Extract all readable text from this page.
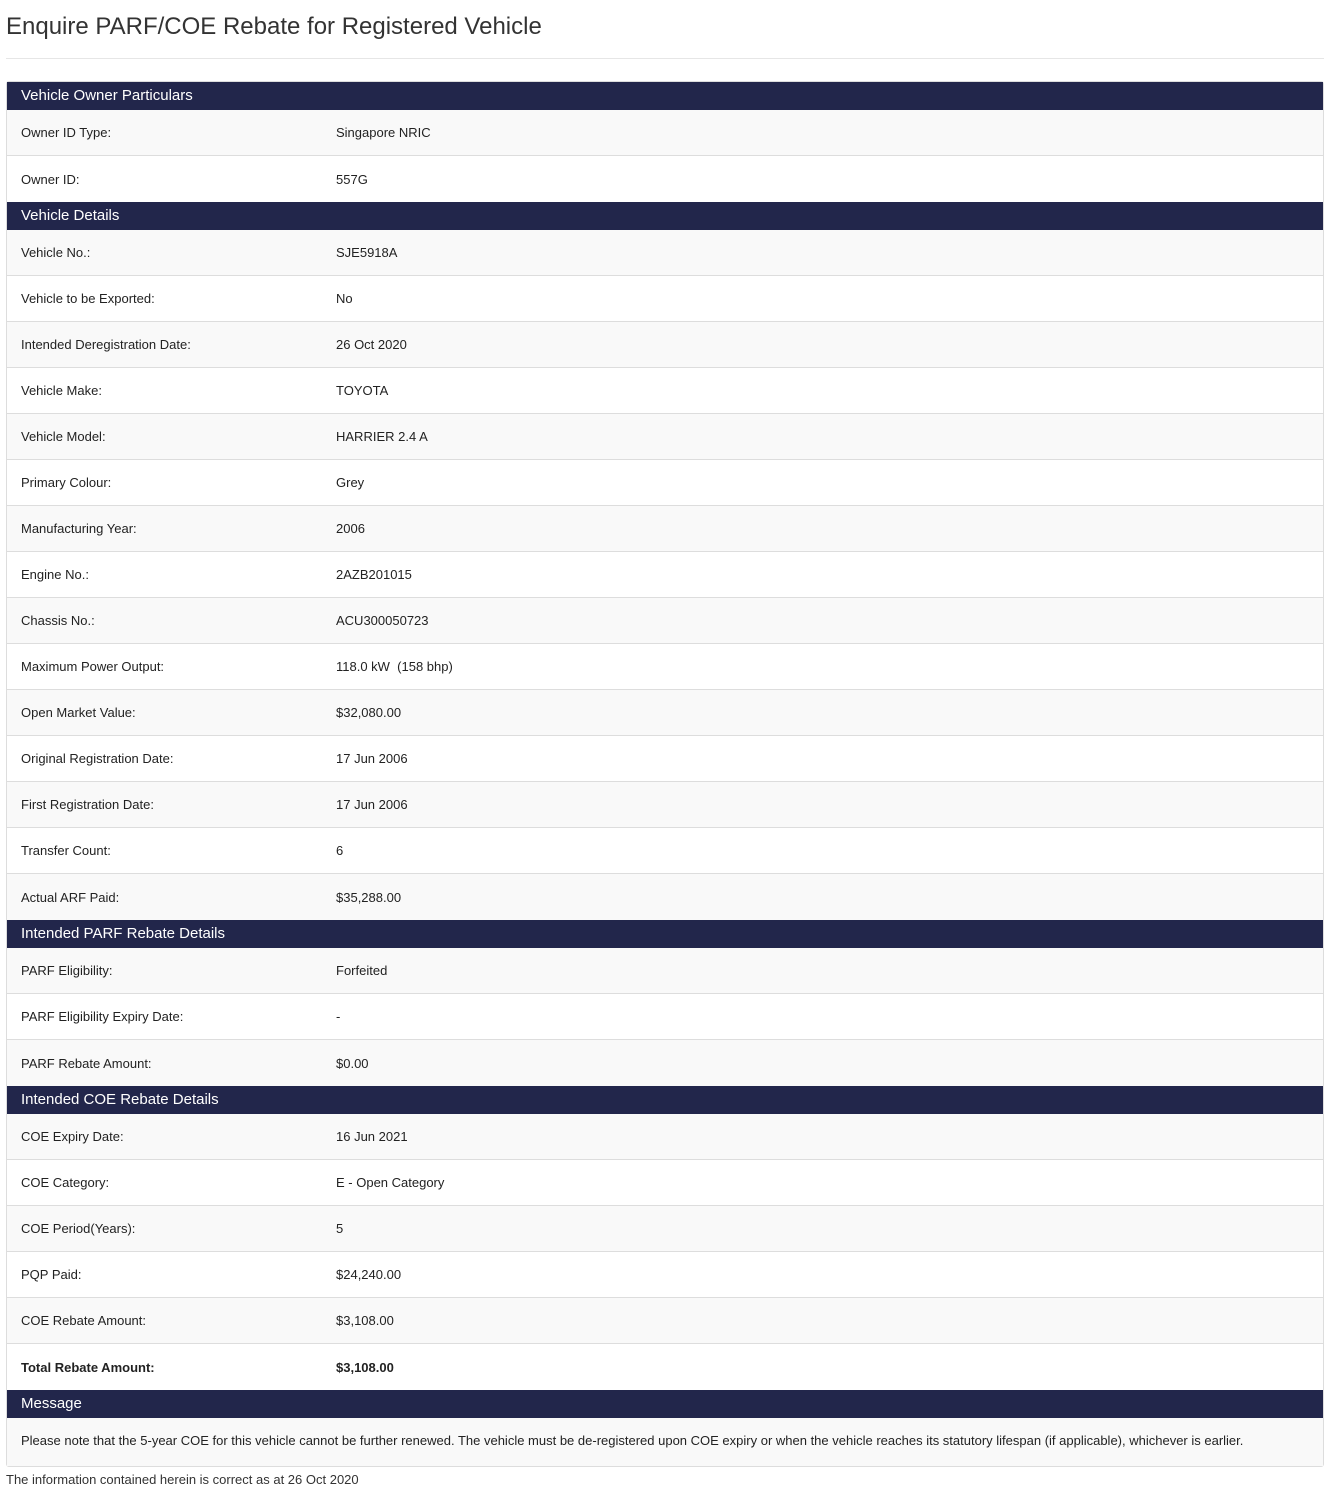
Enquire PARF/COE Rebate for Registered Vehicle
Vehicle Owner Particulars
Owner ID Type:	Singapore NRIC
Owner ID:	557G
Vehicle Details
Vehicle No.:	SJE5918A
Vehicle to be Exported:	No
Intended Deregistration Date:	26 Oct 2020
Vehicle Make:	TOYOTA
Vehicle Model:	HARRIER 2.4 A
Primary Colour:	Grey
Manufacturing Year:	2006
Engine No.:	2AZB201015
Chassis No.:	ACU300050723
Maximum Power Output:	118.0 kW  (158 bhp)
Open Market Value:	$32,080.00
Original Registration Date:	17 Jun 2006
First Registration Date:	17 Jun 2006
Transfer Count:	6
Actual ARF Paid:	$35,288.00
Intended PARF Rebate Details
PARF Eligibility:	Forfeited
PARF Eligibility Expiry Date:	-
PARF Rebate Amount:	$0.00
Intended COE Rebate Details
COE Expiry Date:	16 Jun 2021
COE Category:	E - Open Category
COE Period(Years):	5
PQP Paid:	$24,240.00
COE Rebate Amount:	$3,108.00
Total Rebate Amount:	$3,108.00
Message
Please note that the 5-year COE for this vehicle cannot be further renewed. The vehicle must be de-registered upon COE expiry or when the vehicle reaches its statutory lifespan (if applicable), whichever is earlier.
The information contained herein is correct as at 26 Oct 2020
